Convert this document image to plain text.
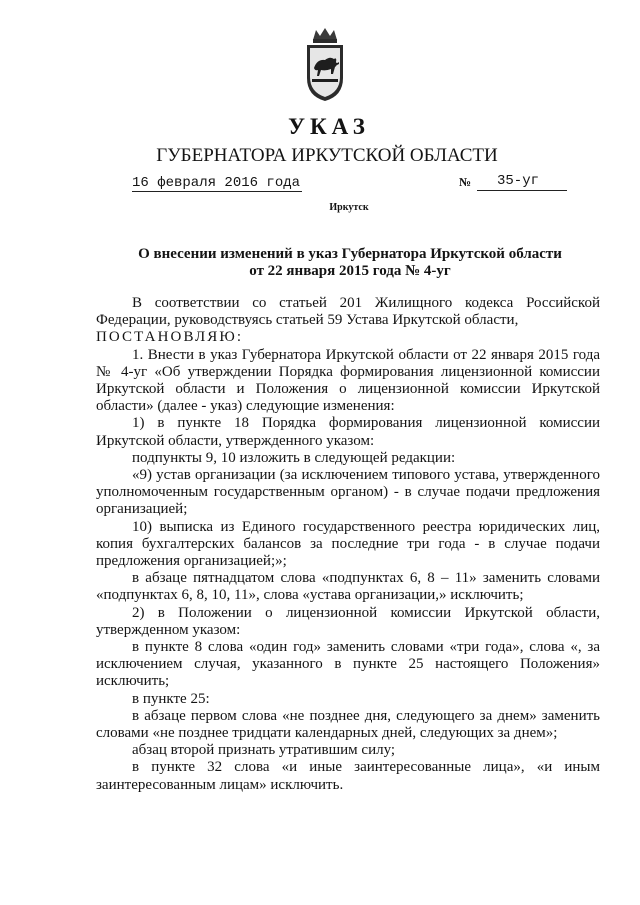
УКАЗ
ГУБЕРНАТОРА ИРКУТСКОЙ ОБЛАСТИ
16 февраля 2016 года	№	35-уг
Иркутск
О внесении изменений в указ Губернатора Иркутской области
от 22 января 2015 года № 4-уг

В соответствии со статьей 201 Жилищного кодекса Российской Федерации, руководствуясь статьей 59 Устава Иркутской области,

ПОСТАНОВЛЯЮ:

1. Внести в указ Губернатора Иркутской области от 22 января 2015 года № 4-уг «Об утверждении Порядка формирования лицензионной комиссии Иркутской области и Положения о лицензионной комиссии Иркутской области» (далее - указ) следующие изменения:

1) в пункте 18 Порядка формирования лицензионной комиссии Иркутской области, утвержденного указом:

подпункты 9, 10 изложить в следующей редакции:

«9) устав организации (за исключением типового устава, утвержденного уполномоченным государственным органом) - в случае подачи предложения организацией;

10) выписка из Единого государственного реестра юридических лиц, копия бухгалтерских балансов за последние три года - в случае подачи предложения организацией;»;

в абзаце пятнадцатом слова «подпунктах 6, 8 – 11» заменить словами «подпунктах 6, 8, 10, 11», слова «устава организации,» исключить;

2) в Положении о лицензионной комиссии Иркутской области, утвержденном указом:

в пункте 8 слова «один год» заменить словами «три года», слова «, за исключением случая, указанного в пункте 25 настоящего Положения» исключить;

в пункте 25:

в абзаце первом слова «не позднее дня, следующего за днем» заменить словами «не позднее тридцати календарных дней, следующих за днем»;

абзац второй признать утратившим силу;

в пункте 32 слова «и иные заинтересованные лица», «и иным заинтересованным лицам» исключить.
